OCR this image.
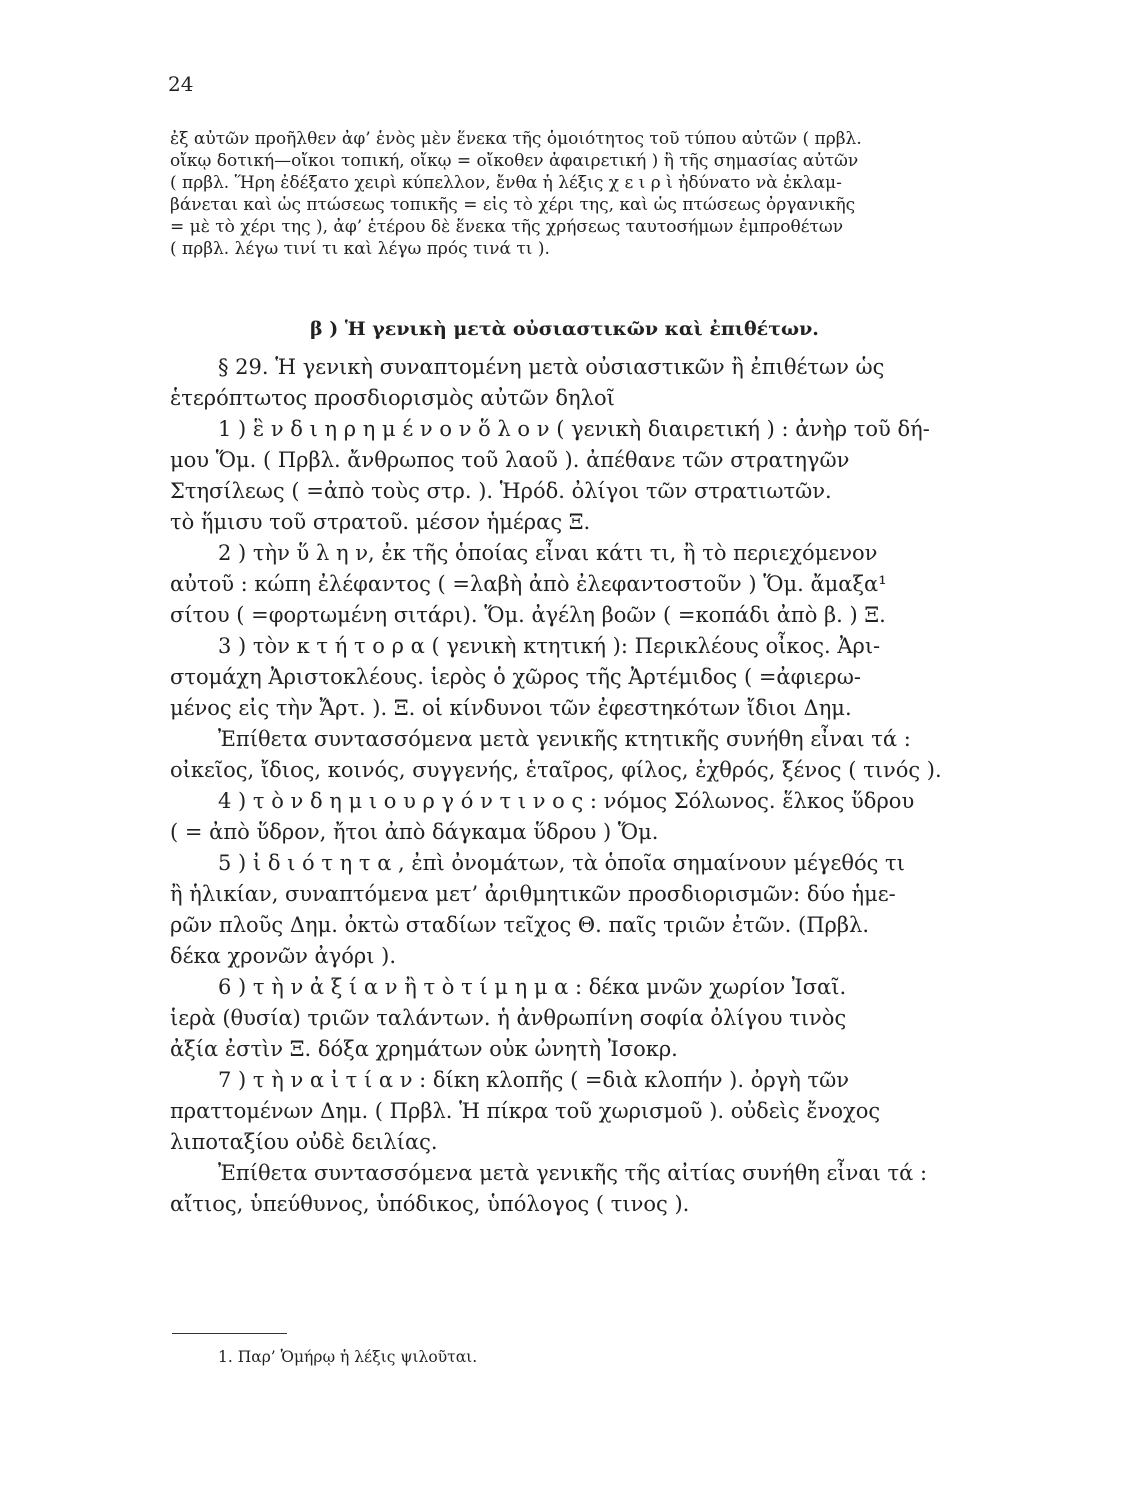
24

ἐξ αὐτῶν προῆλθεν ἀφ’ ἑνὸς μὲν ἕνεκα τῆς ὁμοιότητος τοῦ τύπου αὐτῶν ( πρβλ.

οἴκῳ δοτική—οἴκοι τοπική, οἴκῳ = οἴκοθεν ἀφαιρετική ) ἢ τῆς σημασίας αὐτῶν

( πρβλ. Ἥρη ἐδέξατο χειρὶ κύπελλον, ἔνθα ἡ λέξις χ ε ι ρ ὶ ἠδύνατο νὰ ἐκλαμ-

βάνεται καὶ ὡς πτώσεως τοπικῆς = εἰς τὸ χέρι της, καὶ ὡς πτώσεως ὀργανικῆς

= μὲ τὸ χέρι της ), ἀφ’ ἑτέρου δὲ ἕνεκα τῆς χρήσεως ταυτοσήμων ἐμπροθέτων

( πρβλ. λέγω τινί τι καὶ λέγω πρός τινά τι ).

β ) Ἡ γενικὴ μετὰ οὐσιαστικῶν καὶ ἐπιθέτων.

§ 29. Ἡ γενικὴ συναπτομένη μετὰ οὐσιαστικῶν ἢ ἐπιθέτων ὡς

ἑτερόπτωτος προσδιορισμὸς αὐτῶν δηλοῖ

1 ) ἓ ν δ ι η ρ η μ έ ν ο ν ὅ λ ο ν ( γενικὴ διαιρετική ) : ἀνὴρ τοῦ δή-

μου Ὅμ. ( Πρβλ. ἄνθρωπος τοῦ λαοῦ ). ἀπέθανε τῶν στρατηγῶν

Στησίλεως ( =ἀπὸ τοὺς στρ. ). Ἡρόδ. ὀλίγοι τῶν στρατιωτῶν.

τὸ ἥμισυ τοῦ στρατοῦ. μέσον ἡμέρας Ξ.

2 ) τὴν ὕ λ η ν, ἐκ τῆς ὁποίας εἶναι κάτι τι, ἢ τὸ περιεχόμενον

αὐτοῦ : κώπη ἐλέφαντος ( =λαβὴ ἀπὸ ἐλεφαντοστοῦν ) Ὅμ. ἄμαξα¹

σίτου ( =φορτωμένη σιτάρι). Ὅμ. ἀγέλη βοῶν ( =κοπάδι ἀπὸ β. ) Ξ.

3 ) τὸν κ τ ή τ ο ρ α ( γενικὴ κτητική ): Περικλέους οἶκος. Ἀρι-

στομάχη Ἀριστοκλέους. ἱερὸς ὁ χῶρος τῆς Ἀρτέμιδος ( =ἀφιερω-

μένος εἰς τὴν Ἄρτ. ). Ξ. οἱ κίνδυνοι τῶν ἐφεστηκότων ἴδιοι Δημ.

Ἐπίθετα συντασσόμενα μετὰ γενικῆς κτητικῆς συνήθη εἶναι τά :

οἰκεῖος, ἴδιος, κοινός, συγγενής, ἑταῖρος, φίλος, ἐχθρός, ξένος ( τινός ).

4 ) τ ὸ ν δ η μ ι ο υ ρ γ ό ν τ ι ν ο ς : νόμος Σόλωνος. ἕλκος ὕδρου

( = ἀπὸ ὕδρον, ἤτοι ἀπὸ δάγκαμα ὕδρου ) Ὅμ.

5 ) ἰ δ ι ό τ η τ α , ἐπὶ ὀνομάτων, τὰ ὁποῖα σημαίνουν μέγεθός τι

ἢ ἡλικίαν, συναπτόμενα μετ’ ἀριθμητικῶν προσδιορισμῶν: δύο ἡμε-

ρῶν πλοῦς Δημ. ὀκτὼ σταδίων τεῖχος Θ. παῖς τριῶν ἐτῶν. (Πρβλ.

δέκα χρονῶν ἀγόρι ).

6 ) τ ὴ ν ἀ ξ ί α ν ἢ τ ὸ τ ί μ η μ α : δέκα μνῶν χωρίον Ἰσαῖ.

ἱερὰ (θυσία) τριῶν ταλάντων. ἡ ἀνθρωπίνη σοφία ὀλίγου τινὸς

ἀξία ἐστὶν Ξ. δόξα χρημάτων οὐκ ὠνητὴ Ἰσοκρ.

7 ) τ ὴ ν α ἰ τ ί α ν : δίκη κλοπῆς ( =διὰ κλοπήν ). ὀργὴ τῶν

πραττομένων Δημ. ( Πρβλ. Ἡ πίκρα τοῦ χωρισμοῦ ). οὐδεὶς ἔνοχος

λιποταξίου οὐδὲ δειλίας.

Ἐπίθετα συντασσόμενα μετὰ γενικῆς τῆς αἰτίας συνήθη εἶναι τά :

αἴτιος, ὑπεύθυνος, ὑπόδικος, ὑπόλογος ( τινος ).

1. Παρ’ Ὁμήρῳ ἡ λέξις ψιλοῦται.
